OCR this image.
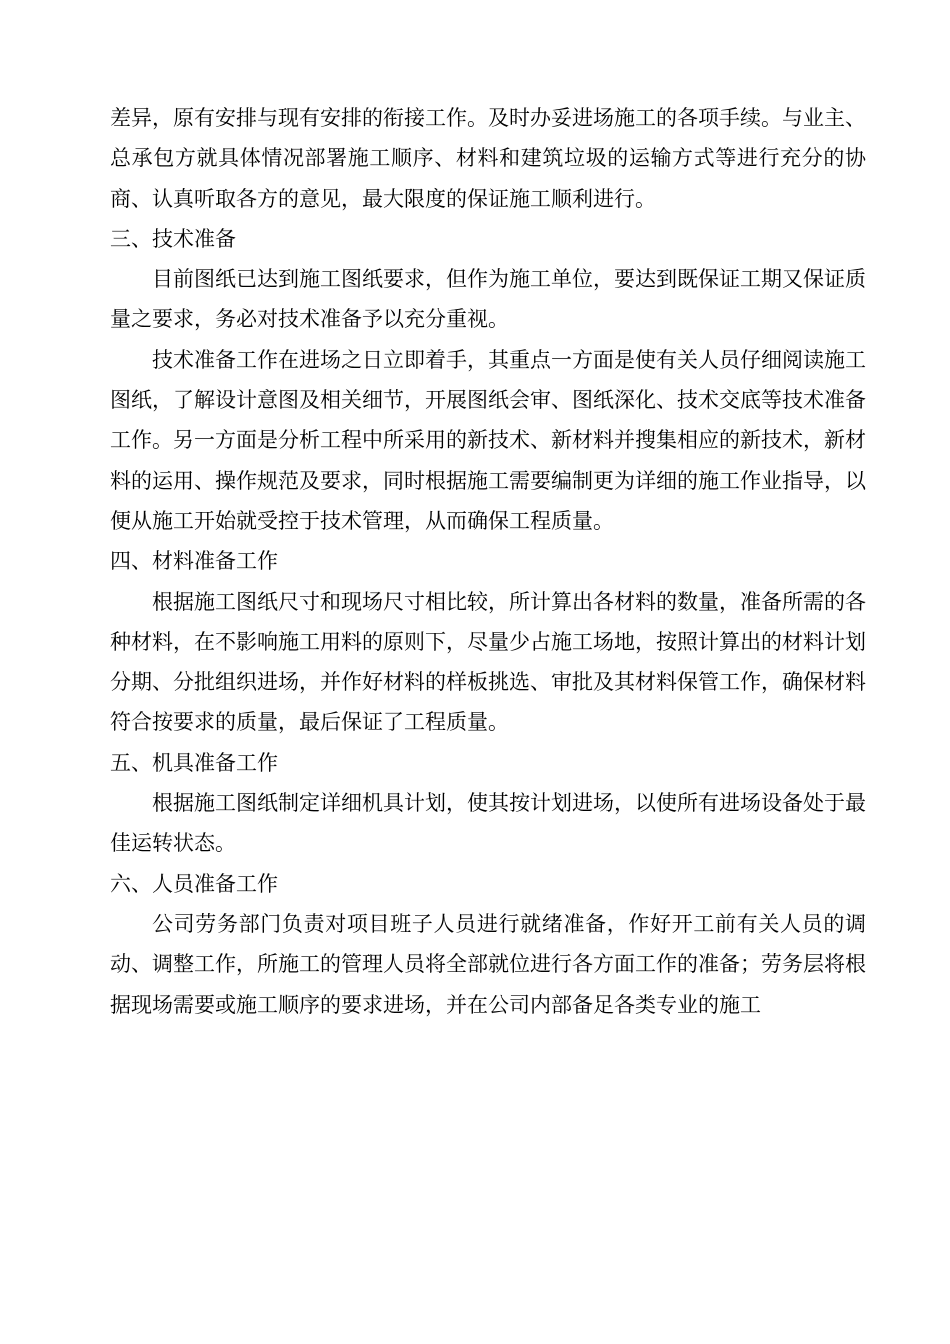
差异，原有安排与现有安排的衔接工作。及时办妥进场施工的各项手续。与业主、总承包方就具体情况部署施工顺序、材料和建筑垃圾的运输方式等进行充分的协商、认真听取各方的意见，最大限度的保证施工顺利进行。

三、技术准备

目前图纸已达到施工图纸要求，但作为施工单位，要达到既保证工期又保证质量之要求，务必对技术准备予以充分重视。

技术准备工作在进场之日立即着手，其重点一方面是使有关人员仔细阅读施工图纸，了解设计意图及相关细节，开展图纸会审、图纸深化、技术交底等技术准备工作。另一方面是分析工程中所采用的新技术、新材料并搜集相应的新技术，新材料的运用、操作规范及要求，同时根据施工需要编制更为详细的施工作业指导，以便从施工开始就受控于技术管理，从而确保工程质量。

四、材料准备工作

根据施工图纸尺寸和现场尺寸相比较，所计算出各材料的数量，准备所需的各种材料，在不影响施工用料的原则下，尽量少占施工场地，按照计算出的材料计划分期、分批组织进场，并作好材料的样板挑选、审批及其材料保管工作，确保材料符合按要求的质量，最后保证了工程质量。

五、机具准备工作

根据施工图纸制定详细机具计划，使其按计划进场，以使所有进场设备处于最佳运转状态。

六、人员准备工作

公司劳务部门负责对项目班子人员进行就绪准备，作好开工前有关人员的调动、调整工作，所施工的管理人员将全部就位进行各方面工作的准备；劳务层将根据现场需要或施工顺序的要求进场，并在公司内部备足各类专业的施工
